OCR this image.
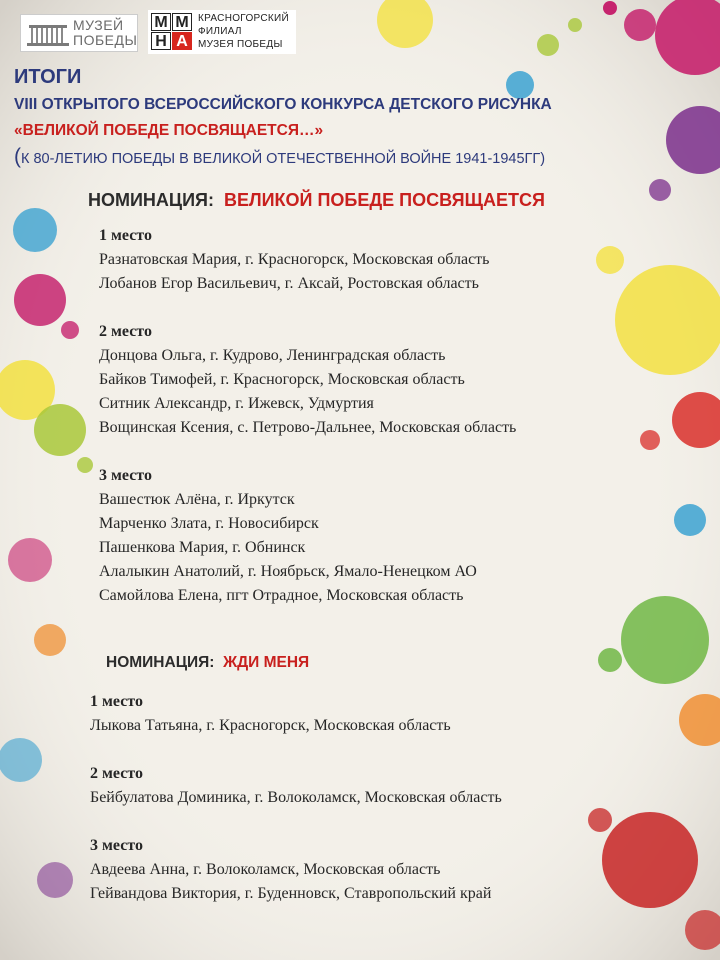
МУЗЕЙ
ПОБЕДЫ
М М
Н А
КРАСНОГОРСКИЙ
ФИЛИАЛ
МУЗЕЯ ПОБЕДЫ
ИТОГИ
VIII ОТКРЫТОГО ВСЕРОССИЙСКОГО КОНКУРСА ДЕТСКОГО РИСУНКА
«ВЕЛИКОЙ ПОБЕДЕ ПОСВЯЩАЕТСЯ…»
(К 80-ЛЕТИЮ ПОБЕДЫ В ВЕЛИКОЙ ОТЕЧЕСТВЕННОЙ ВОЙНЕ 1941-1945ГГ)
НОМИНАЦИЯ: ВЕЛИКОЙ ПОБЕДЕ ПОСВЯЩАЕТСЯ
1 место
Разнатовская Мария, г. Красногорск, Московская область
Лобанов Егор Васильевич, г. Аксай, Ростовская область
2 место
Донцова Ольга, г. Кудрово, Ленинградская область
Байков Тимофей, г. Красногорск, Московская область
Ситник Александр, г. Ижевск, Удмуртия
Вощинская Ксения, с. Петрово-Дальнее, Московская область
3 место
Вашестюк Алёна, г. Иркутск
Марченко Злата, г. Новосибирск
Пашенкова Мария, г. Обнинск
Алалыкин Анатолий, г. Ноябрьск, Ямало-Ненецком АО
Самойлова Елена, пгт Отрадное, Московская область
НОМИНАЦИЯ: ЖДИ МЕНЯ
1 место
Лыкова Татьяна, г. Красногорск, Московская область
2 место
Бейбулатова Доминика, г. Волоколамск, Московская область
3 место
Авдеева Анна, г. Волоколамск, Московская область
Гейвандова Виктория, г. Буденновск, Ставропольский край
